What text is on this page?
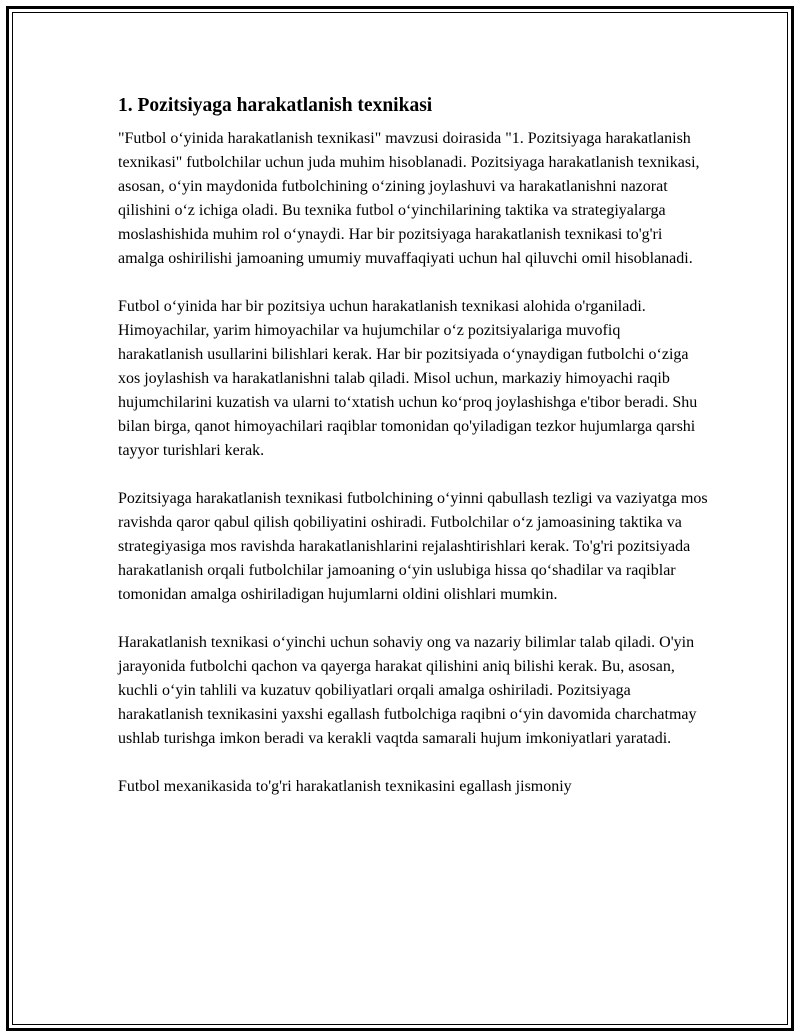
1. Pozitsiyaga harakatlanish texnikasi

"Futbol o‘yinida harakatlanish texnikasi" mavzusi doirasida "1. Pozitsiyaga harakatlanish texnikasi" futbolchilar uchun juda muhim hisoblanadi. Pozitsiyaga harakatlanish texnikasi, asosan, o‘yin maydonida futbolchining o‘zining joylashuvi va harakatlanishni nazorat qilishini o‘z ichiga oladi. Bu texnika futbol o‘yinchilarining taktika va strategiyalarga moslashishida muhim rol o‘ynaydi. Har bir pozitsiyaga harakatlanish texnikasi to'g'ri amalga oshirilishi jamoaning umumiy muvaffaqiyati uchun hal qiluvchi omil hisoblanadi.

Futbol o‘yinida har bir pozitsiya uchun harakatlanish texnikasi alohida o'rganiladi. Himoyachilar, yarim himoyachilar va hujumchilar o‘z pozitsiyalariga muvofiq harakatlanish usullarini bilishlari kerak. Har bir pozitsiyada o‘ynaydigan futbolchi o‘ziga xos joylashish va harakatlanishni talab qiladi. Misol uchun, markaziy himoyachi raqib hujumchilarini kuzatish va ularni to‘xtatish uchun ko‘proq joylashishga e'tibor beradi. Shu bilan birga, qanot himoyachilari raqiblar tomonidan qo'yiladigan tezkor hujumlarga qarshi tayyor turishlari kerak.

Pozitsiyaga harakatlanish texnikasi futbolchining o‘yinni qabullash tezligi va vaziyatga mos ravishda qaror qabul qilish qobiliyatini oshiradi. Futbolchilar o‘z jamoasining taktika va strategiyasiga mos ravishda harakatlanishlarini rejalashtirishlari kerak. To'g'ri pozitsiyada harakatlanish orqali futbolchilar jamoaning o‘yin uslubiga hissa qo‘shadilar va raqiblar tomonidan amalga oshiriladigan hujumlarni oldini olishlari mumkin.

Harakatlanish texnikasi o‘yinchi uchun sohaviy ong va nazariy bilimlar talab qiladi. O'yin jarayonida futbolchi qachon va qayerga harakat qilishini aniq bilishi kerak. Bu, asosan, kuchli o‘yin tahlili va kuzatuv qobiliyatlari orqali amalga oshiriladi. Pozitsiyaga harakatlanish texnikasini yaxshi egallash futbolchiga raqibni o‘yin davomida charchatmay ushlab turishga imkon beradi va kerakli vaqtda samarali hujum imkoniyatlari yaratadi.

Futbol mexanikasida to'g'ri harakatlanish texnikasini egallash jismoniy
